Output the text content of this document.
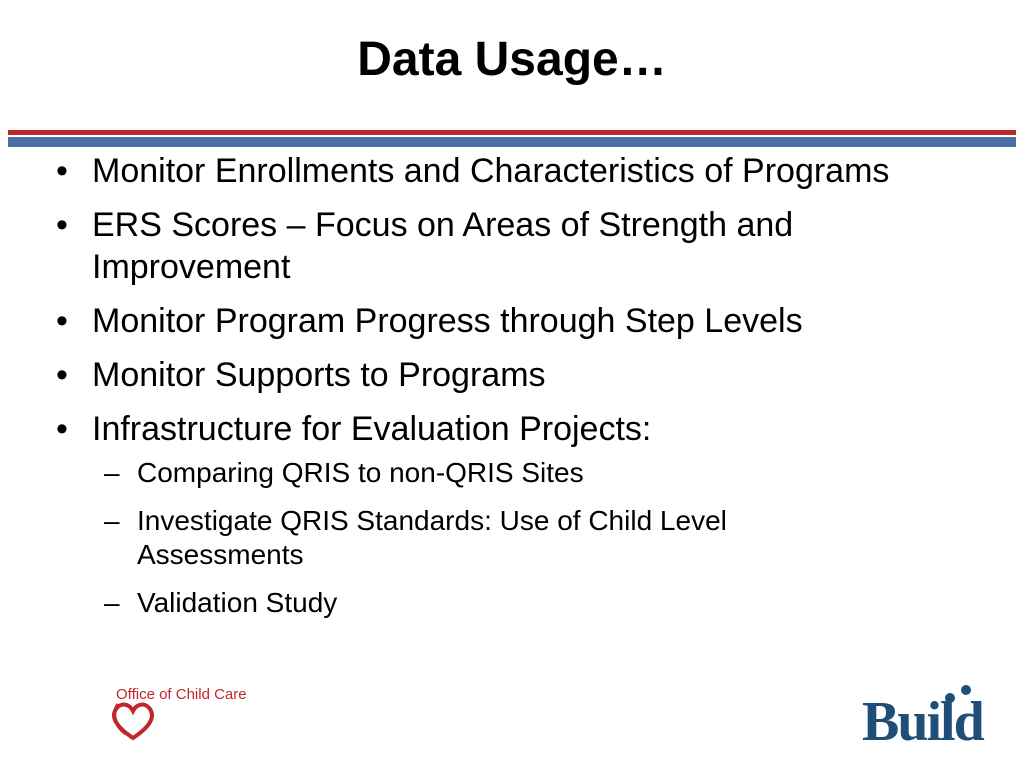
Data Usage…
• Monitor Enrollments and Characteristics of Programs
• ERS Scores – Focus on Areas of Strength and Improvement
• Monitor Program Progress through Step Levels
• Monitor Supports to Programs
• Infrastructure for Evaluation Projects:
– Comparing QRIS to non-QRIS Sites
– Investigate QRIS Standards: Use of Child Level Assessments
– Validation Study
Office of Child Care	Build
